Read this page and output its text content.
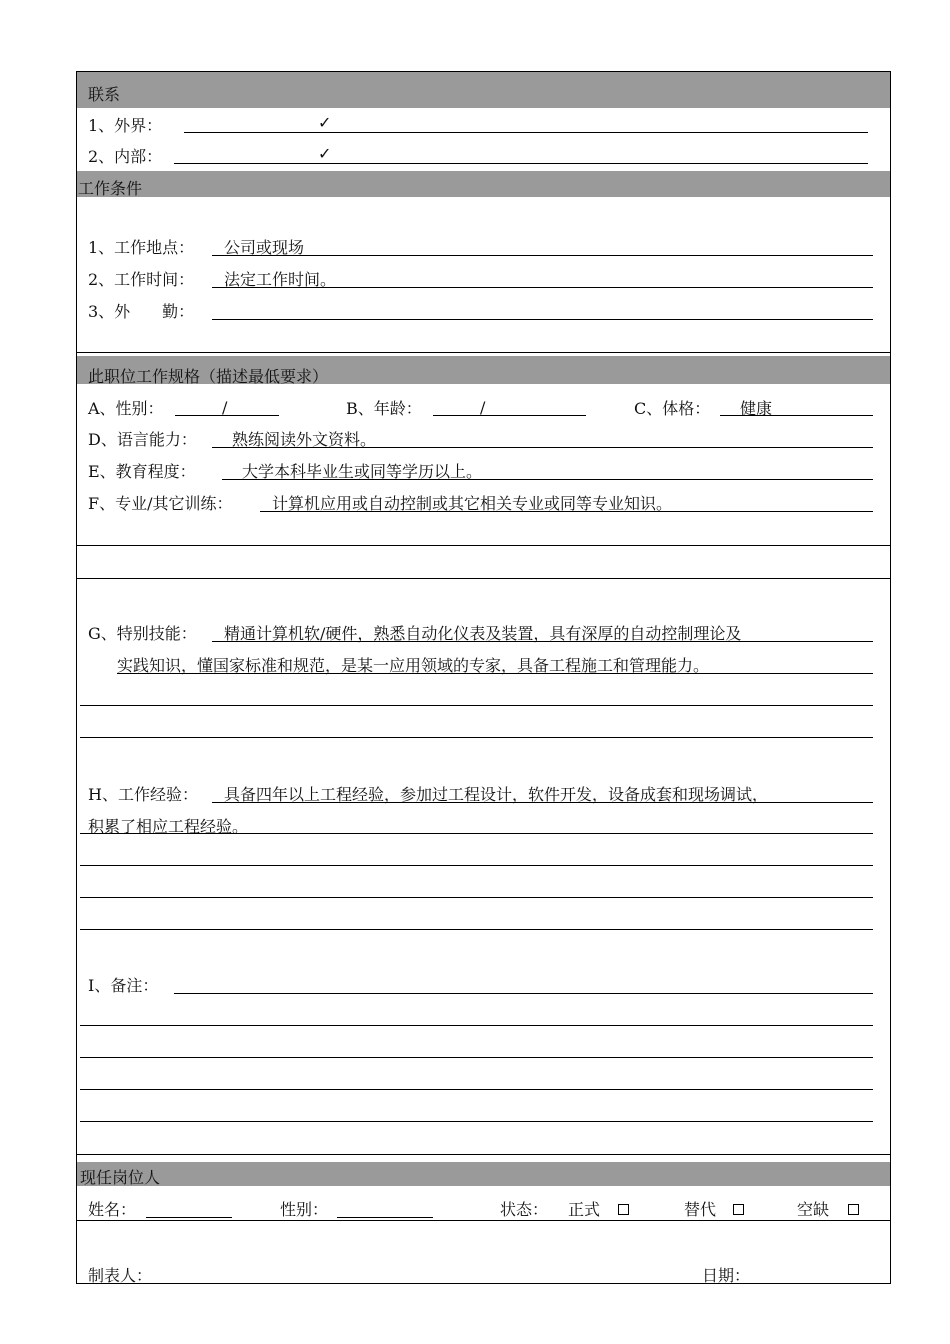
联系
1、外界：	✓
2、内部：	✓
工作条件
1、工作地点： 公司或现场
2、工作时间： 法定工作时间。
3、外　　勤：
此职位工作规格（描述最低要求）
A、性别：	/	B、年龄：	/	C、体格： 健康
D、语言能力： 熟练阅读外文资料。
E、教育程度：	大学本科毕业生或同等学历以上。
F、专业/其它训练： 计算机应用或自动控制或其它相关专业或同等专业知识。
G、特别技能： 精通计算机软/硬件，熟悉自动化仪表及装置，具有深厚的自动控制理论及
实践知识，懂国家标准和规范，是某一应用领域的专家，具备工程施工和管理能力。
H、工作经验： 具备四年以上工程经验，参加过工程设计，软件开发，设备成套和现场调试，
积累了相应工程经验。
I、备注：
现任岗位人
姓名：	性别：	状态： 正式	替代	空缺
制表人：	日期：
